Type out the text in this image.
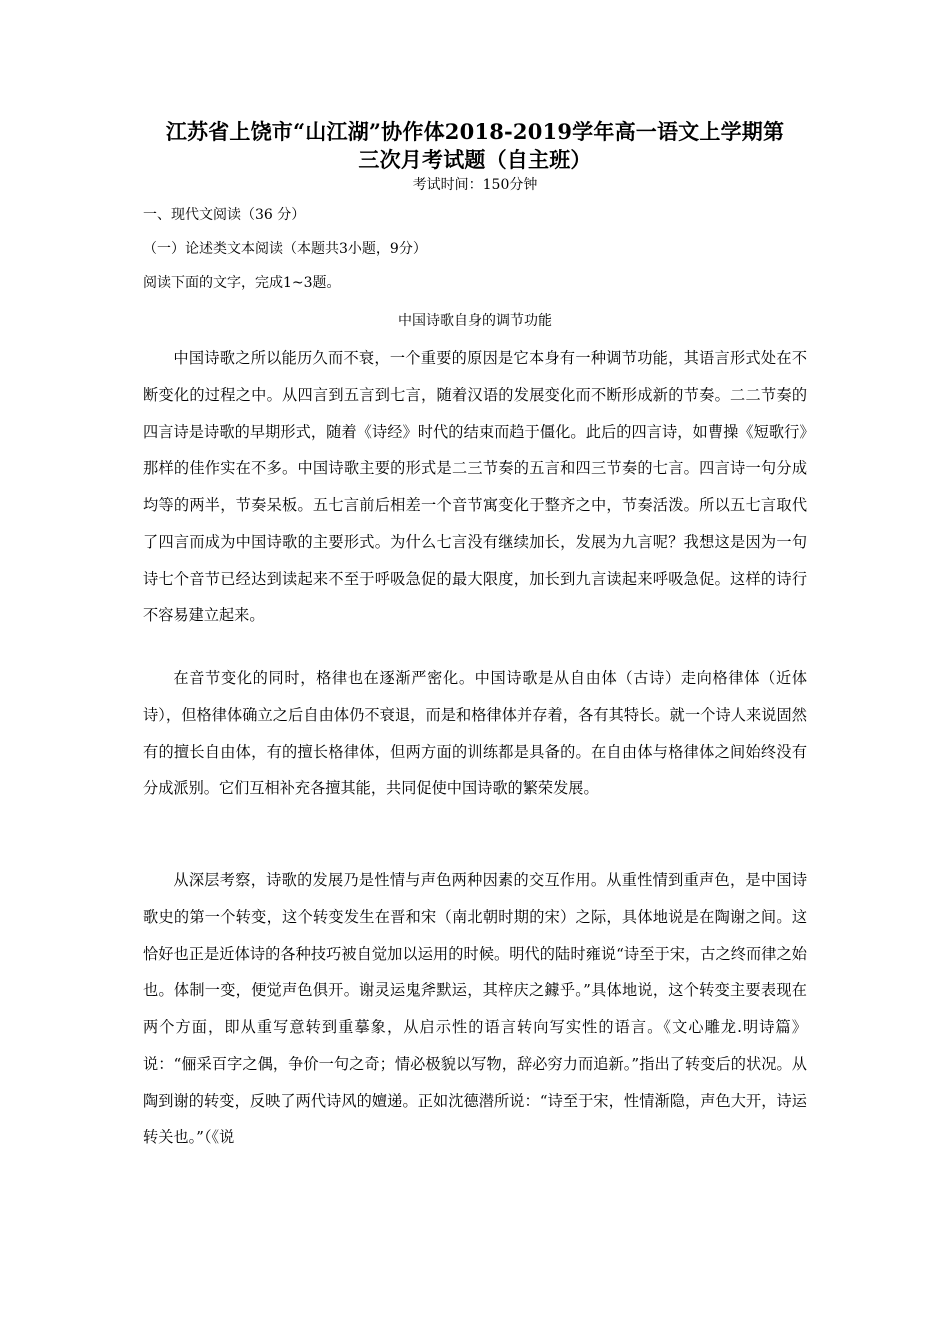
江苏省上饶市“山江湖”协作体2018-2019学年高一语文上学期第
三次月考试题（自主班）
考试时间：150分钟
一、现代文阅读（36 分）
（一）论述类文本阅读（本题共3小题，9分）
阅读下面的文字，完成1~3题。
中国诗歌自身的调节功能
中国诗歌之所以能历久而不衰，一个重要的原因是它本身有一种调节功能，其语言形式处在不断变化的过程之中。从四言到五言到七言，随着汉语的发展变化而不断形成新的节奏。二二节奏的四言诗是诗歌的早期形式，随着《诗经》时代的结束而趋于僵化。此后的四言诗，如曹操《短歌行》那样的佳作实在不多。中国诗歌主要的形式是二三节奏的五言和四三节奏的七言。四言诗一句分成均等的两半，节奏呆板。五七言前后相差一个音节寓变化于整齐之中，节奏活泼。所以五七言取代了四言而成为中国诗歌的主要形式。为什么七言没有继续加长，发展为九言呢？我想这是因为一句诗七个音节已经达到读起来不至于呼吸急促的最大限度，加长到九言读起来呼吸急促。这样的诗行不容易建立起来。
在音节变化的同时，格律也在逐渐严密化。中国诗歌是从自由体（古诗）走向格律体（近体诗），但格律体确立之后自由体仍不衰退，而是和格律体并存着，各有其特长。就一个诗人来说固然有的擅长自由体，有的擅长格律体，但两方面的训练都是具备的。在自由体与格律体之间始终没有分成派别。它们互相补充各擅其能，共同促使中国诗歌的繁荣发展。
从深层考察，诗歌的发展乃是性情与声色两种因素的交互作用。从重性情到重声色，是中国诗歌史的第一个转变，这个转变发生在晋和宋（南北朝时期的宋）之际，具体地说是在陶谢之间。这恰好也正是近体诗的各种技巧被自觉加以运用的时候。明代的陆时雍说“诗至于宋，古之终而律之始也。体制一变，便觉声色俱开。谢灵运鬼斧默运，其梓庆之鐻乎。”具体地说，这个转变主要表现在两个方面，即从重写意转到重摹象，从启示性的语言转向写实性的语言。《文心雕龙.明诗篇》说：“俪采百字之偶，争价一句之奇；情必极貌以写物，辞必穷力而追新。”指出了转变后的状况。从陶到谢的转变，反映了两代诗风的嬗递。正如沈德潜所说：“诗至于宋，性情渐隐，声色大开，诗运转关也。”（《说
